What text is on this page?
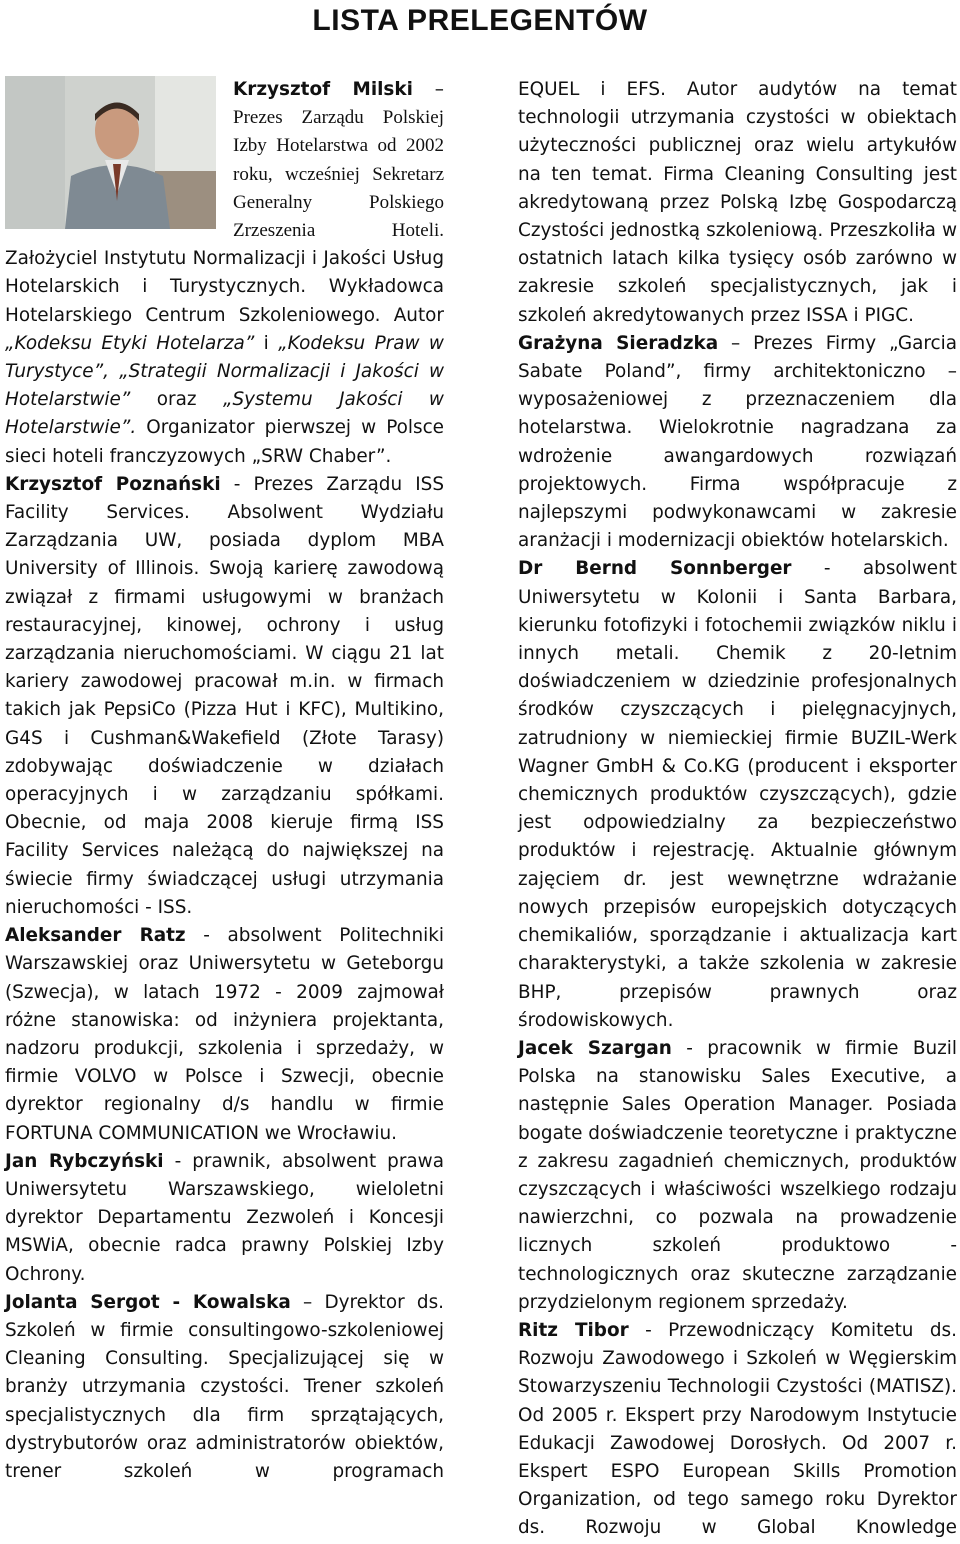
LISTA PRELEGENTÓW

Krzysztof Milski – Prezes Zarządu Polskiej Izby Hotelarstwa od 2002 roku, wcześniej Sekretarz Generalny Polskiego Zrzeszenia Hoteli. Założyciel Instytutu Normalizacji i Jakości Usług Hotelarskich i Turystycznych. Wykładowca Hotelarskiego Centrum Szkoleniowego. Autor „Kodeksu Etyki Hotelarza” i „Kodeksu Praw w Turystyce”, „Strategii Normalizacji i Jakości w Hotelarstwie” oraz „Systemu Jakości w Hotelarstwie”. Organizator pierwszej w Polsce sieci hoteli franczyzowych „SRW Chaber”.

Krzysztof Poznański - Prezes Zarządu ISS Facility Services. Absolwent Wydziału Zarządzania UW, posiada dyplom MBA University of Illinois. Swoją karierę zawodową związał z firmami usługowymi w branżach restauracyjnej, kinowej, ochrony i usług zarządzania nieruchomościami. W ciągu 21 lat kariery zawodowej pracował m.in. w firmach takich jak PepsiCo (Pizza Hut i KFC), Multikino, G4S i Cushman&Wakefield (Złote Tarasy) zdobywając doświadczenie w działach operacyjnych i w zarządzaniu spółkami. Obecnie, od maja 2008 kieruje firmą ISS Facility Services należącą do największej na świecie firmy świadczącej usługi utrzymania nieruchomości - ISS.

Aleksander Ratz - absolwent Politechniki Warszawskiej oraz Uniwersytetu w Geteborgu (Szwecja), w latach 1972 - 2009 zajmował różne stanowiska: od inżyniera projektanta, nadzoru produkcji, szkolenia i sprzedaży, w firmie VOLVO w Polsce i Szwecji, obecnie dyrektor regionalny d/s handlu w firmie FORTUNA COMMUNICATION we Wrocławiu.

Jan Rybczyński - prawnik, absolwent prawa Uniwersytetu Warszawskiego, wieloletni dyrektor Departamentu Zezwoleń i Koncesji MSWiA, obecnie radca prawny Polskiej Izby Ochrony.

Jolanta Sergot - Kowalska – Dyrektor ds. Szkoleń w firmie consultingowo-szkoleniowej Cleaning Consulting. Specjalizującej się w branży utrzymania czystości. Trener szkoleń specjalistycznych dla firm sprzątających, dystrybutorów oraz administratorów obiektów, trener szkoleń w programach

EQUEL i EFS. Autor audytów na temat technologii utrzymania czystości w obiektach użyteczności publicznej oraz wielu artykułów na ten temat. Firma Cleaning Consulting jest akredytowaną przez Polską Izbę Gospodarczą Czystości jednostką szkoleniową. Przeszkoliła w ostatnich latach kilka tysięcy osób zarówno w zakresie szkoleń specjalistycznych, jak i szkoleń akredytowanych przez ISSA i PIGC.

Grażyna Sieradzka – Prezes Firmy „Garcia Sabate Poland”, firmy architektoniczno – wyposażeniowej z przeznaczeniem dla hotelarstwa. Wielokrotnie nagradzana za wdrożenie awangardowych rozwiązań projektowych. Firma współpracuje z najlepszymi podwykonawcami w zakresie aranżacji i modernizacji obiektów hotelarskich.

Dr Bernd Sonnberger - absolwent Uniwersytetu w Kolonii i Santa Barbara, kierunku fotofizyki i fotochemii związków niklu i innych metali. Chemik z 20-letnim doświadczeniem w dziedzinie profesjonalnych środków czyszczących i pielęgnacyjnych, zatrudniony w niemieckiej firmie BUZIL-Werk Wagner GmbH & Co.KG (producent i eksporter chemicznych produktów czyszczących), gdzie jest odpowiedzialny za bezpieczeństwo produktów i rejestrację. Aktualnie głównym zajęciem dr. jest wewnętrzne wdrażanie nowych przepisów europejskich dotyczących chemikaliów, sporządzanie i aktualizacja kart charakterystyki, a także szkolenia w zakresie BHP, przepisów prawnych oraz środowiskowych.

Jacek Szargan - pracownik w firmie Buzil Polska na stanowisku Sales Executive, a następnie Sales Operation Manager. Posiada bogate doświadczenie teoretyczne i praktyczne z zakresu zagadnień chemicznych, produktów czyszczących i właściwości wszelkiego rodzaju nawierzchni, co pozwala na prowadzenie licznych szkoleń produktowo - technologicznych oraz skuteczne zarządzanie przydzielonym regionem sprzedaży.

Ritz Tibor - Przewodniczący Komitetu ds. Rozwoju Zawodowego i Szkoleń w Węgierskim Stowarzyszeniu Technologii Czystości (MATISZ). Od 2005 r. Ekspert przy Narodowym Instytucie Edukacji Zawodowej Dorosłych. Od 2007 r. Ekspert ESPO European Skills Promotion Organization, od tego samego roku Dyrektor ds. Rozwoju w Global Knowledge
